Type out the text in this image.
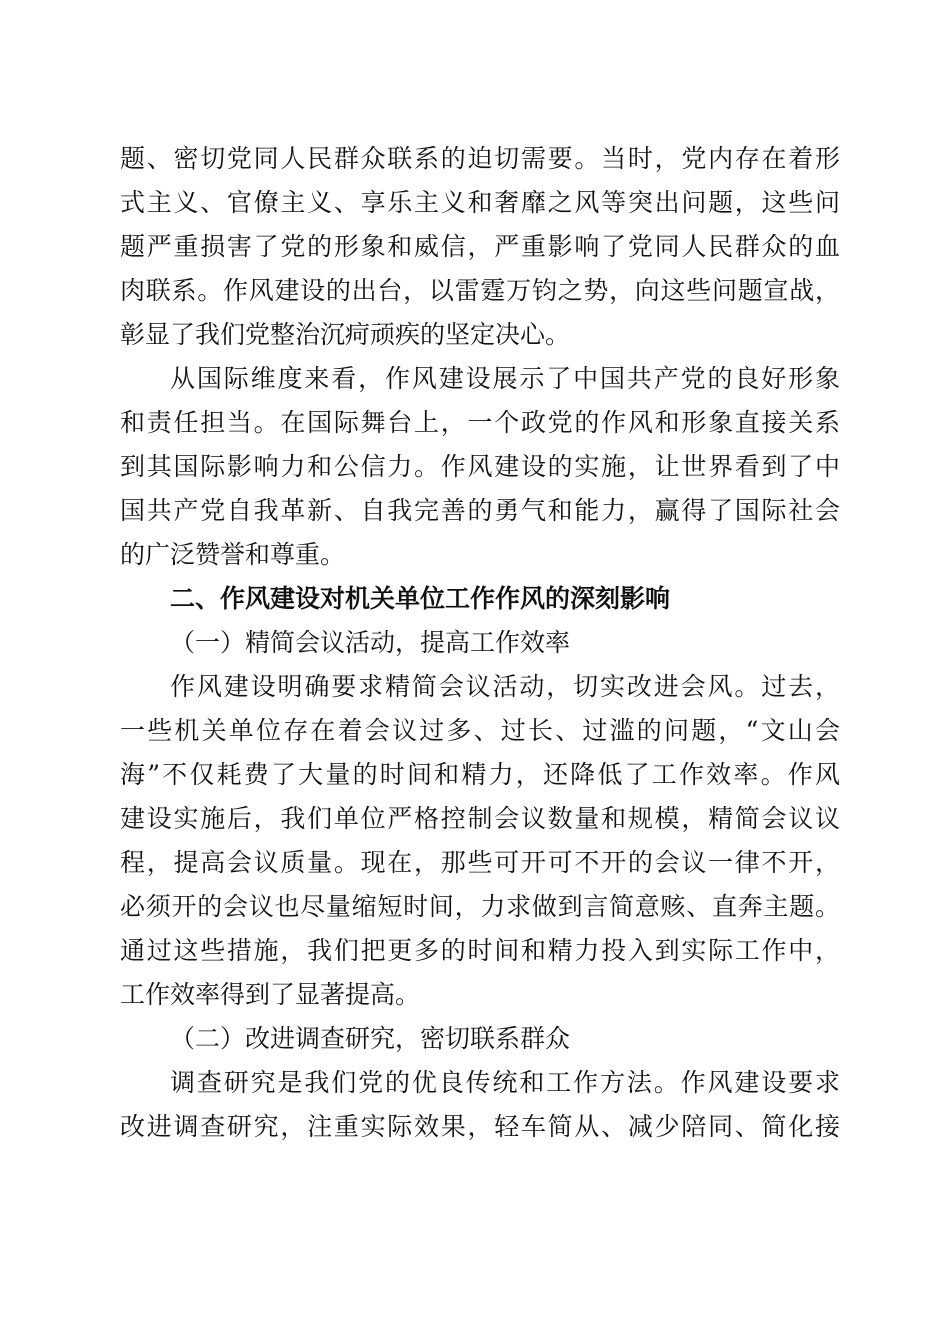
题、密切党同人民群众联系的迫切需要。当时，党内存在着形
式主义、官僚主义、享乐主义和奢靡之风等突出问题，这些问
题严重损害了党的形象和威信，严重影响了党同人民群众的血
肉联系。作风建设的出台，以雷霆万钧之势，向这些问题宣战，
彰显了我们党整治沉疴顽疾的坚定决心。
从国际维度来看，作风建设展示了中国共产党的良好形象
和责任担当。在国际舞台上，一个政党的作风和形象直接关系
到其国际影响力和公信力。作风建设的实施，让世界看到了中
国共产党自我革新、自我完善的勇气和能力，赢得了国际社会
的广泛赞誉和尊重。
二、作风建设对机关单位工作作风的深刻影响
（一）精简会议活动，提高工作效率
作风建设明确要求精简会议活动，切实改进会风。过去，
一些机关单位存在着会议过多、过长、过滥的问题，“文山会
海”不仅耗费了大量的时间和精力，还降低了工作效率。作风
建设实施后，我们单位严格控制会议数量和规模，精简会议议
程，提高会议质量。现在，那些可开可不开的会议一律不开，
必须开的会议也尽量缩短时间，力求做到言简意赅、直奔主题。
通过这些措施，我们把更多的时间和精力投入到实际工作中，
工作效率得到了显著提高。
（二）改进调查研究，密切联系群众
调查研究是我们党的优良传统和工作方法。作风建设要求
改进调查研究，注重实际效果，轻车简从、减少陪同、简化接
